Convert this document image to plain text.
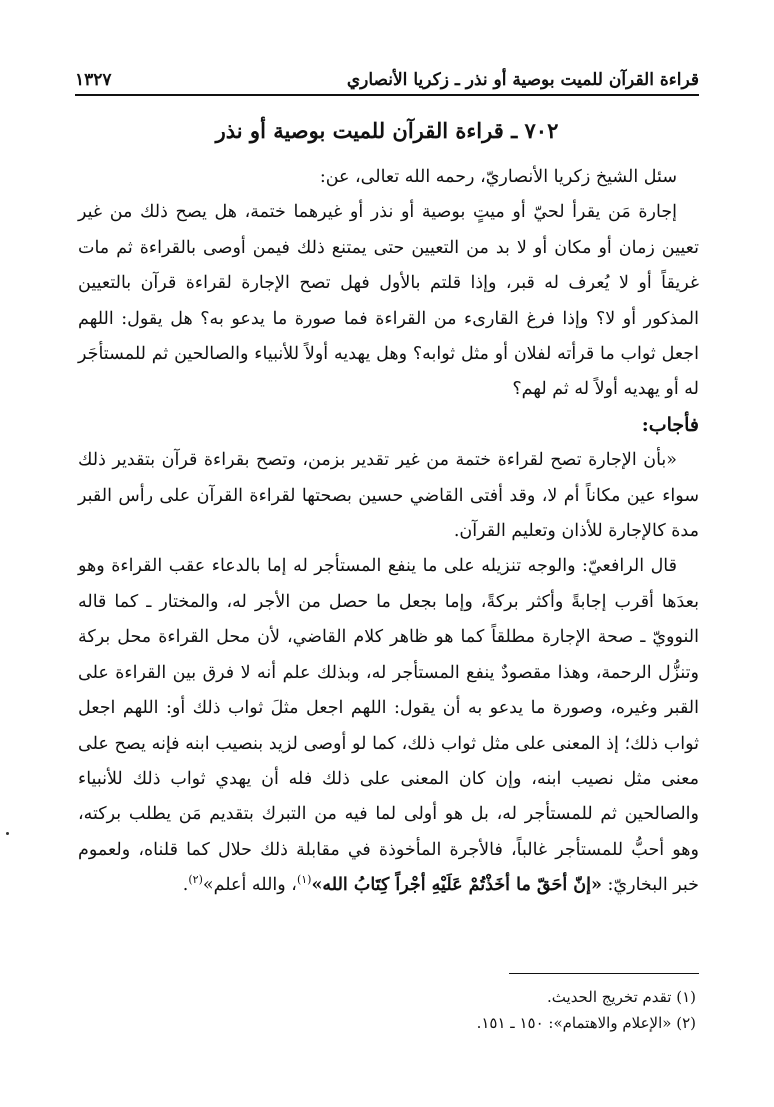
قراءة القرآن للميت بوصية أو نذر ـ زكريا الأنصاري
١٣٢٧
٧٠٢ ـ قراءة القرآن للميت بوصية أو نذر

سئل الشيخ زكريا الأنصاريّ، رحمه الله تعالى، عن:

إجارة مَن يقرأ لحيّ أو ميتٍ بوصية أو نذر أو غيرهما ختمة، هل يصح ذلك من غير تعيين زمان أو مكان أو لا بد من التعيين حتى يمتنع ذلك فيمن أوصى بالقراءة ثم مات غريقاً أو لا يُعرف له قبر، وإذا قلتم بالأول فهل تصح الإجارة لقراءة قرآن بالتعيين المذكور أو لا؟ وإذا فرغ القارىء من القراءة فما صورة ما يدعو به؟ هل يقول: اللهم اجعل ثواب ما قرأته لفلان أو مثل ثوابه؟ وهل يهديه أولاً للأنبياء والصالحين ثم للمستأجَر له أو يهديه أولاً له ثم لهم؟

فأجاب:

«بأن الإجارة تصح لقراءة ختمة من غير تقدير بزمن، وتصح بقراءة قرآن بتقدير ذلك سواء عين مكاناً أم لا، وقد أفتى القاضي حسين بصحتها لقراءة القرآن على رأس القبر مدة كالإجارة للأذان وتعليم القرآن.

قال الرافعيّ: والوجه تنزيله على ما ينفع المستأجر له إما بالدعاء عقب القراءة وهو بعدَها أقرب إجابةً وأكثر بركةً، وإما بجعل ما حصل من الأجر له، والمختار ـ كما قاله النوويّ ـ صحة الإجارة مطلقاً كما هو ظاهر كلام القاضي، لأن محل القراءة محل بركة وتنزُّل الرحمة، وهذا مقصودٌ ينفع المستأجر له، وبذلك علم أنه لا فرق بين القراءة على القبر وغيره، وصورة ما يدعو به أن يقول: اللهم اجعل مثلَ ثواب ذلك أو: اللهم اجعل ثواب ذلك؛ إذ المعنى على مثل ثواب ذلك، كما لو أوصى لزيد بنصيب ابنه فإنه يصح على معنى مثل نصيب ابنه، وإن كان المعنى على ذلك فله أن يهدي ثواب ذلك للأنبياء والصالحين ثم للمستأجر له، بل هو أولى لما فيه من التبرك بتقديم مَن يطلب بركته، وهو أحبُّ للمستأجر غالباً، فالأجرة المأخوذة في مقابلة ذلك حلال كما قلناه، ولعموم خبر البخاريّ: «إنّ أحَقّ ما أخَذْتُمْ عَلَيْهِ أجْراً كِتَابُ الله»$^{(١)}$، والله أعلم»$^{(٢)}$.

(١) تقدم تخريج الحديث.
(٢) «الإعلام والاهتمام»: ١٥٠ ـ ١٥١.
